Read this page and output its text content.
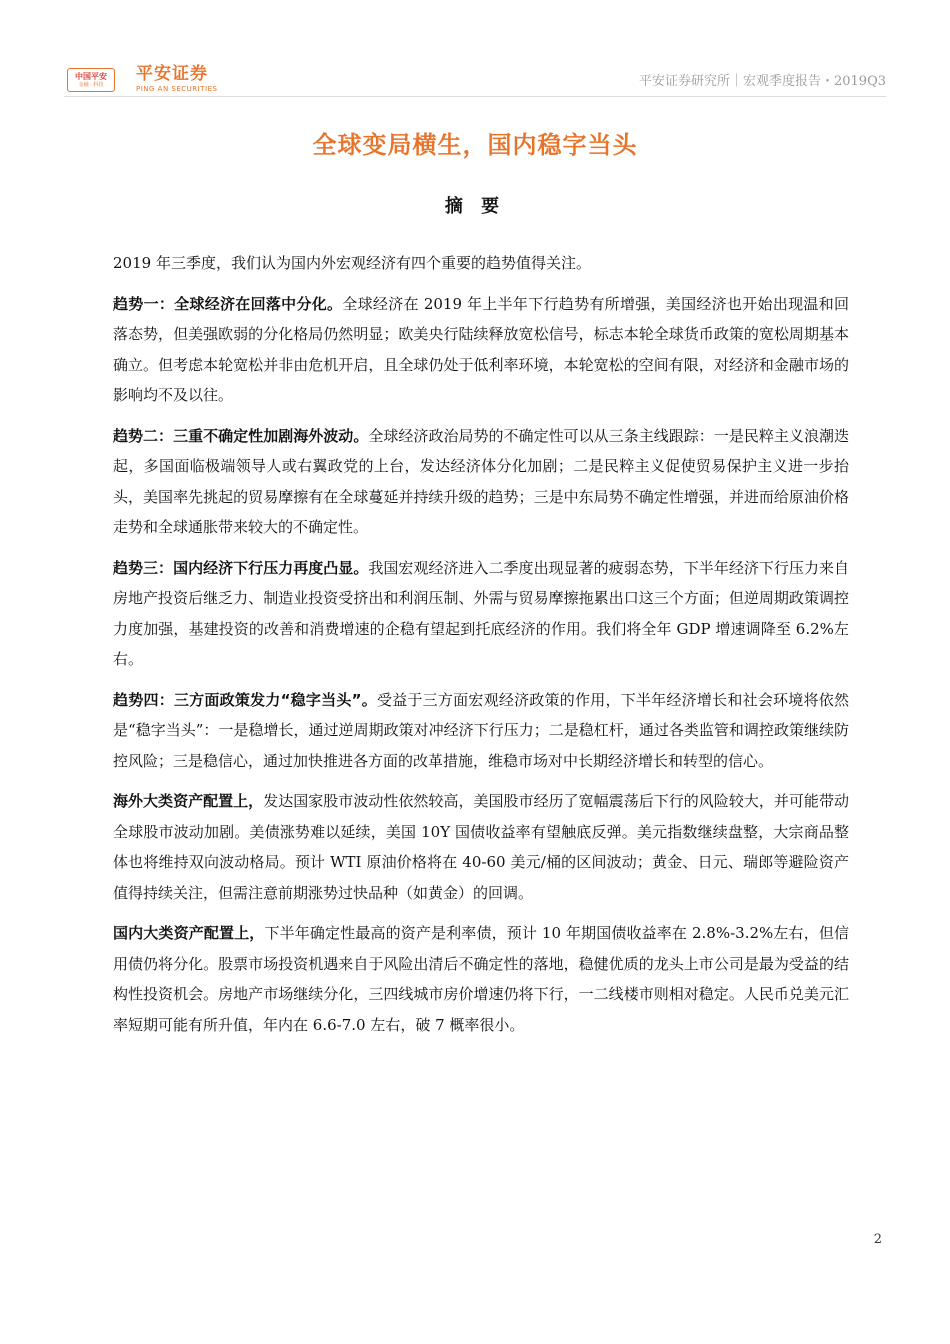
中国平安
金融 · 科技
平安证券
PING AN SECURITIES	平安证券研究所｜宏观季度报告・2019Q3
全球变局横生，国内稳字当头
摘 要

2019 年三季度，我们认为国内外宏观经济有四个重要的趋势值得关注。

趋势一：全球经济在回落中分化。全球经济在 2019 年上半年下行趋势有所增强，美国经济也开始出现温和回落态势，但美强欧弱的分化格局仍然明显；欧美央行陆续释放宽松信号，标志本轮全球货币政策的宽松周期基本确立。但考虑本轮宽松并非由危机开启，且全球仍处于低利率环境，本轮宽松的空间有限，对经济和金融市场的影响均不及以往。

趋势二：三重不确定性加剧海外波动。全球经济政治局势的不确定性可以从三条主线跟踪：一是民粹主义浪潮迭起，多国面临极端领导人或右翼政党的上台，发达经济体分化加剧；二是民粹主义促使贸易保护主义进一步抬头，美国率先挑起的贸易摩擦有在全球蔓延并持续升级的趋势；三是中东局势不确定性增强，并进而给原油价格走势和全球通胀带来较大的不确定性。

趋势三：国内经济下行压力再度凸显。我国宏观经济进入二季度出现显著的疲弱态势，下半年经济下行压力来自房地产投资后继乏力、制造业投资受挤出和利润压制、外需与贸易摩擦拖累出口这三个方面；但逆周期政策调控力度加强，基建投资的改善和消费增速的企稳有望起到托底经济的作用。我们将全年 GDP 增速调降至 6.2%左右。

趋势四：三方面政策发力“稳字当头”。受益于三方面宏观经济政策的作用，下半年经济增长和社会环境将依然是“稳字当头”：一是稳增长，通过逆周期政策对冲经济下行压力；二是稳杠杆，通过各类监管和调控政策继续防控风险；三是稳信心，通过加快推进各方面的改革措施，维稳市场对中长期经济增长和转型的信心。

海外大类资产配置上，发达国家股市波动性依然较高，美国股市经历了宽幅震荡后下行的风险较大，并可能带动全球股市波动加剧。美债涨势难以延续，美国 10Y 国债收益率有望触底反弹。美元指数继续盘整，大宗商品整体也将维持双向波动格局。预计 WTI 原油价格将在 40-60 美元/桶的区间波动；黄金、日元、瑞郎等避险资产值得持续关注，但需注意前期涨势过快品种（如黄金）的回调。

国内大类资产配置上，下半年确定性最高的资产是利率债，预计 10 年期国债收益率在 2.8%-3.2%左右，但信用债仍将分化。股票市场投资机遇来自于风险出清后不确定性的落地，稳健优质的龙头上市公司是最为受益的结构性投资机会。房地产市场继续分化，三四线城市房价增速仍将下行，一二线楼市则相对稳定。人民币兑美元汇率短期可能有所升值，年内在 6.6-7.0 左右，破 7 概率很小。

2
